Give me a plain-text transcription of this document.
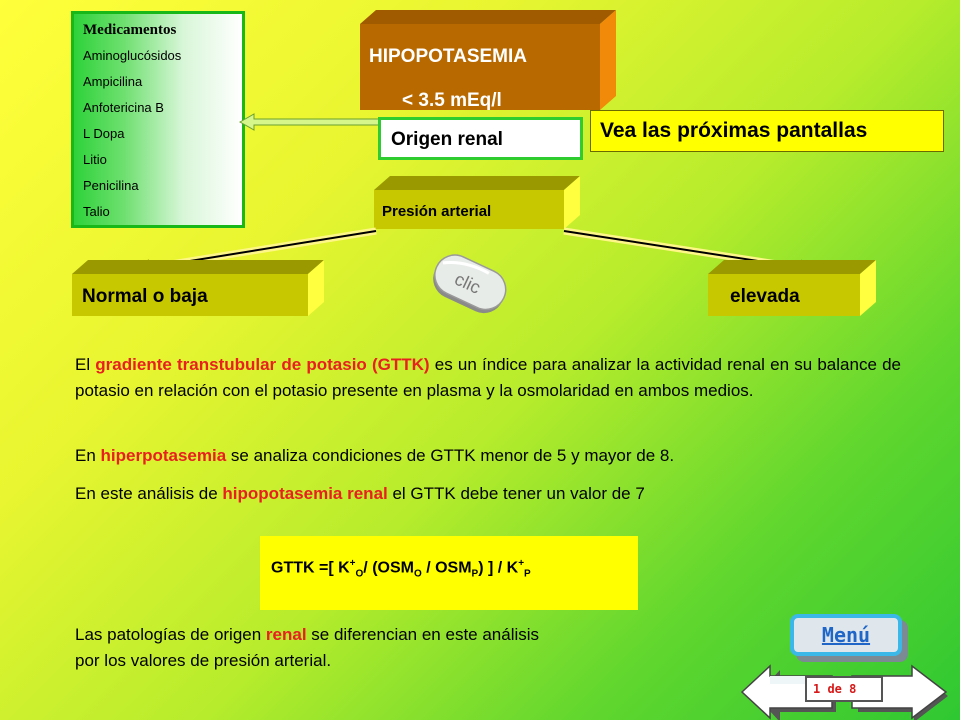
Medicamentos
Aminoglucósidos
Ampicilina
Anfotericina B
L Dopa
Litio
Penicilina
Talio
HIPOPOTASEMIA
< 3.5 mEq/l
Origen renal	Vea las próximas pantallas
Presión arterial
Normal o baja	elevada
clic
El gradiente transtubular de potasio (GTTK) es un índice para analizar la actividad renal en su balance de potasio en relación con el potasio presente en plasma y la osmolaridad en ambos medios.
En hiperpotasemia se analiza condiciones de GTTK menor de 5 y mayor de 8.
En este análisis de hipopotasemia renal el GTTK debe tener un valor de 7
GTTK =[ $K^+_O/$ $(OSM_O / OSM_P)$ ] / $K^+_P$
Las patologías de origen renal se diferencian en este análisis
por los valores de presión arterial.
Menú
1 de 8
